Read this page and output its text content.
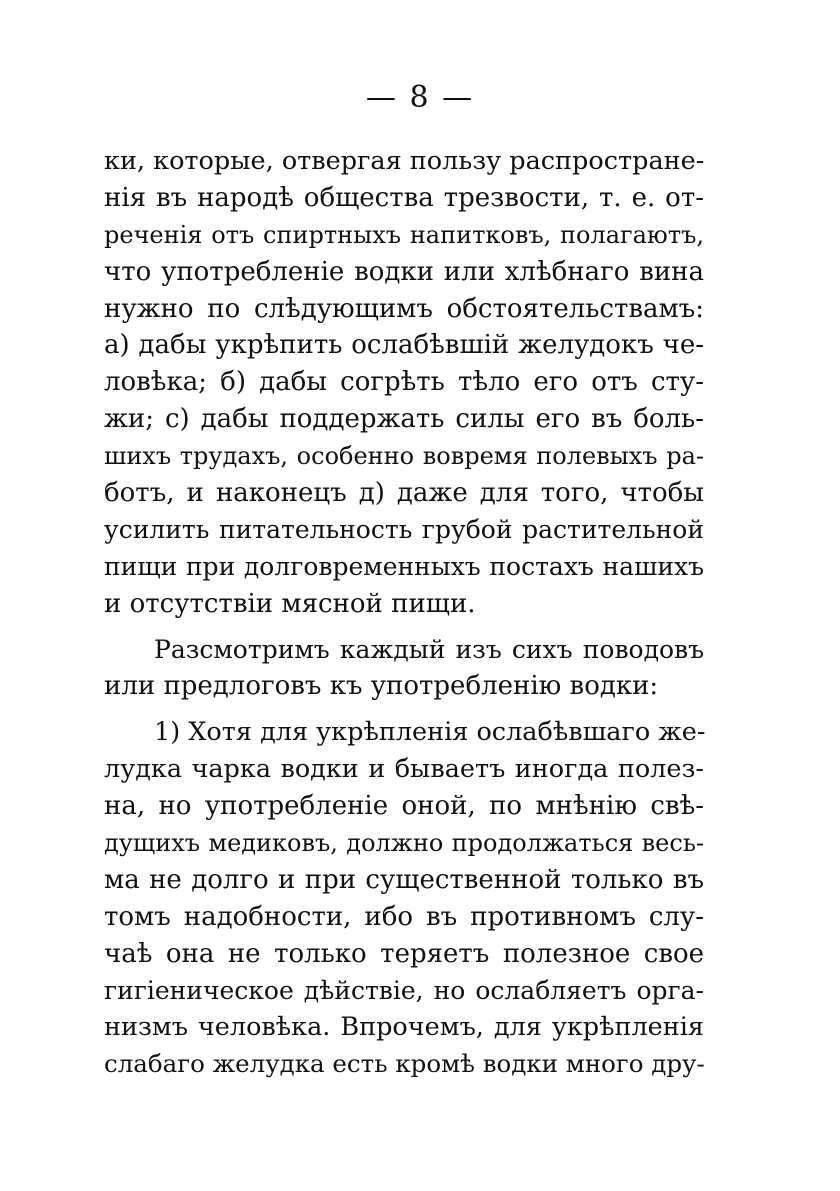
— 8 —
ки, которые, отвергая пользу распростране-
нія въ народѣ общества трезвости, т. е. от-
реченія отъ спиртныхъ напитковъ, полагаютъ,
что употребленіе водки или хлѣбнаго вина
нужно по слѣдующимъ обстоятельствамъ:
а) дабы укрѣпить ослабѣвшій желудокъ че-
ловѣка; б) дабы согрѣть тѣло его отъ сту-
жи; с) дабы поддержать силы его въ боль-
шихъ трудахъ, особенно вовремя полевыхъ ра-
ботъ, и наконецъ д) даже для того, чтобы
усилить питательность грубой растительной
пищи при долговременныхъ постахъ нашихъ
и отсутствіи мясной пищи.
Разсмотримъ каждый изъ сихъ поводовъ
или предлоговъ къ употребленію водки:
1) Хотя для укрѣпленія ослабѣвшаго же-
лудка чарка водки и бываетъ иногда полез-
на, но употребленіе оной, по мнѣнію свѣ-
дущихъ медиковъ, должно продолжаться весь-
ма не долго и при существенной только въ
томъ надобности, ибо въ противномъ слу-
чаѣ она не только теряетъ полезное свое
гигіеническое дѣйствіе, но ослабляетъ орга-
низмъ человѣка. Впрочемъ, для укрѣпленія
слабаго желудка есть кромѣ водки много дру-
